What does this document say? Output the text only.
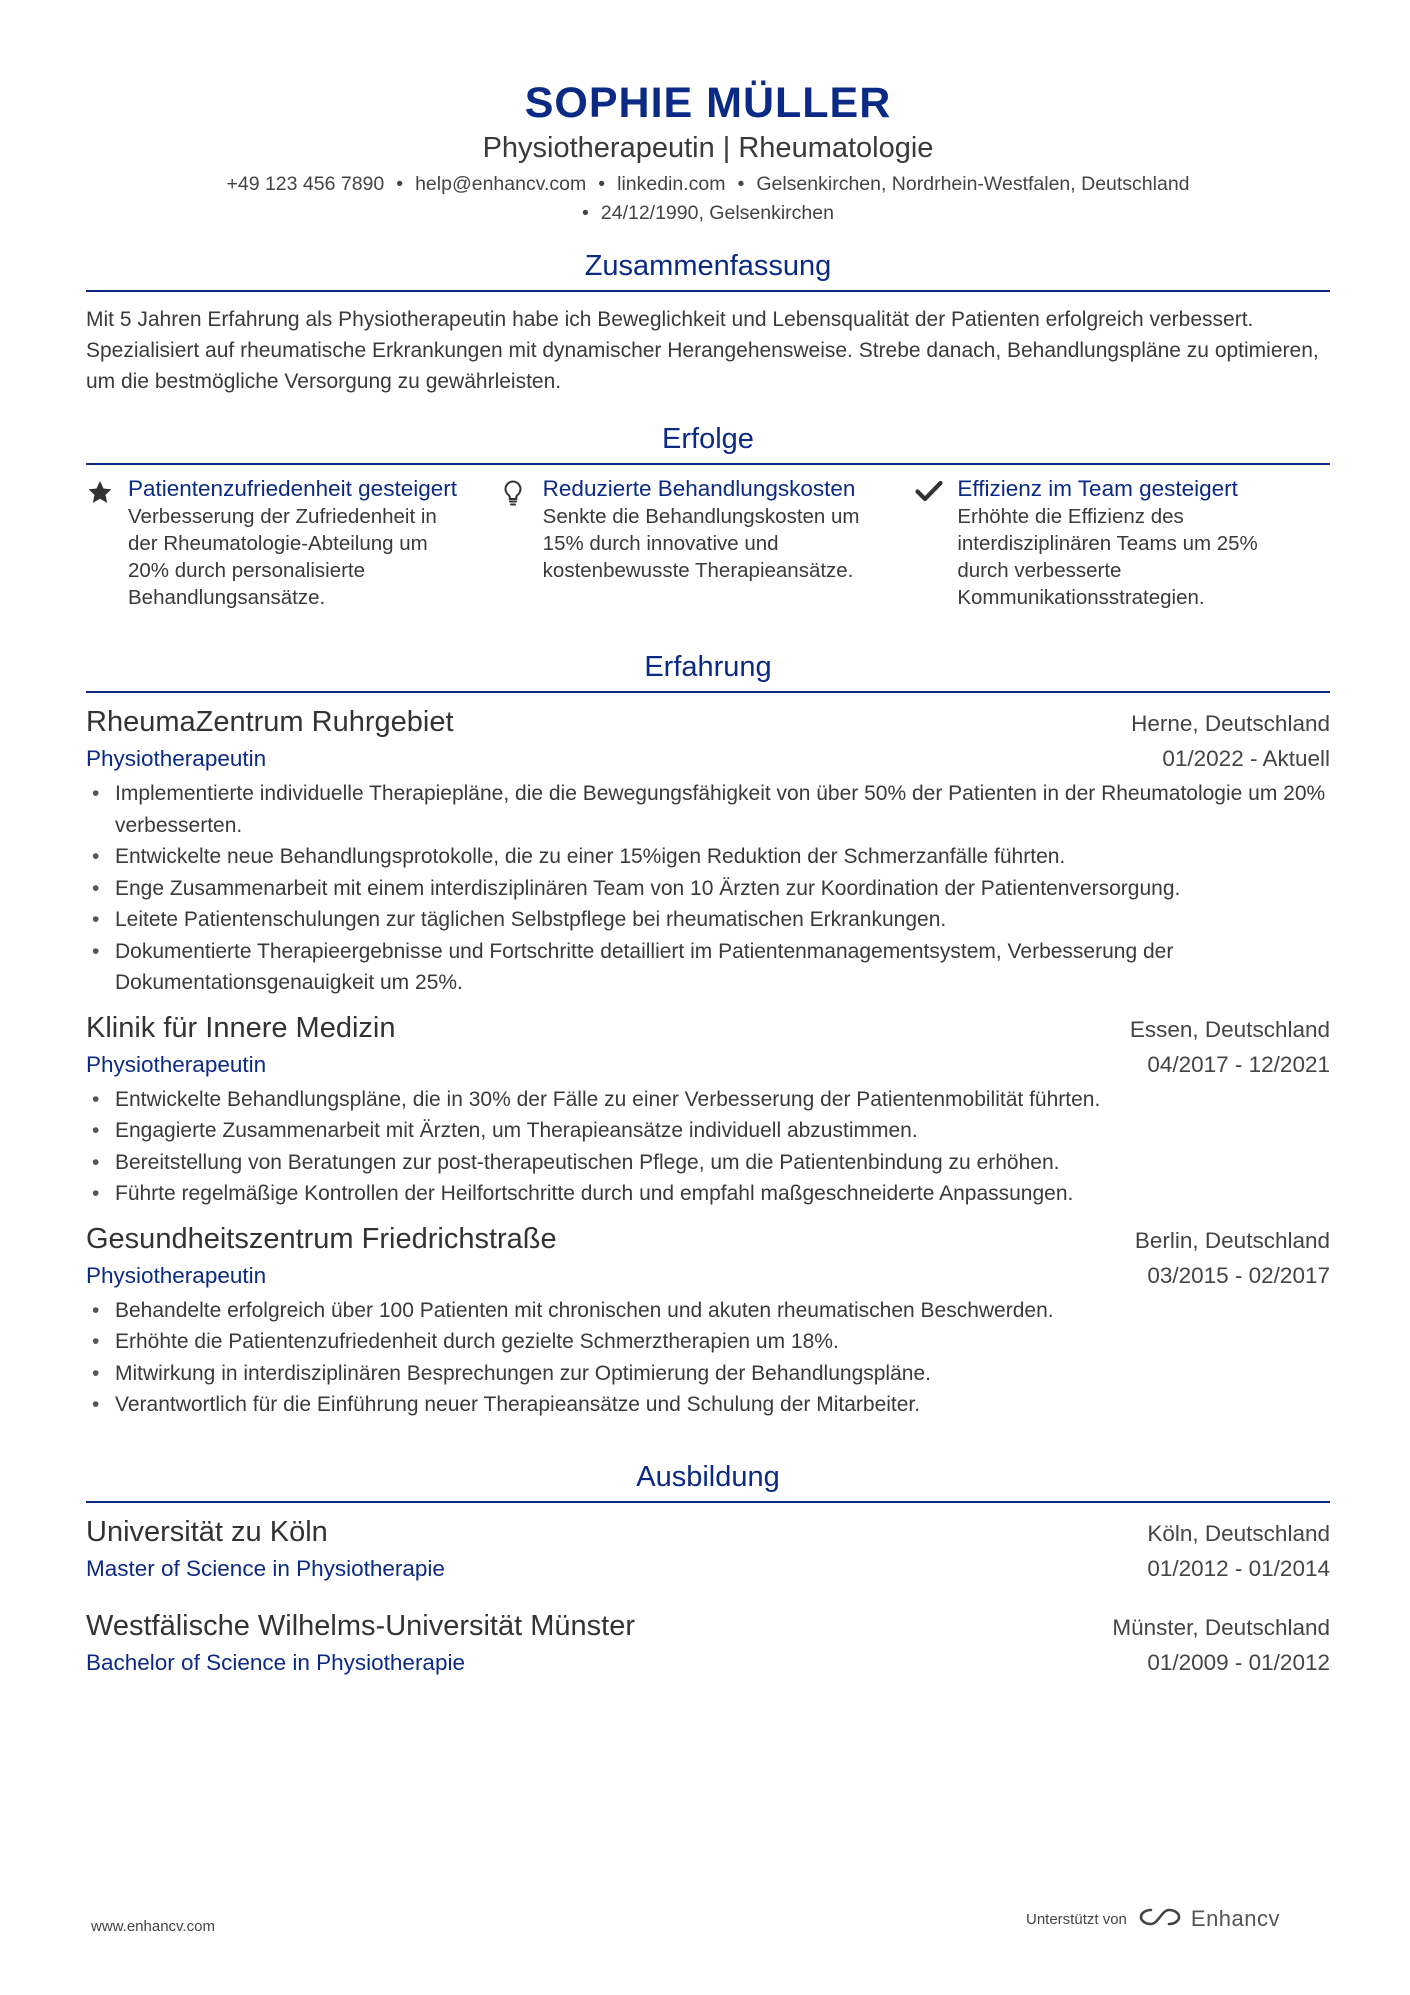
SOPHIE MÜLLER
Physiotherapeutin | Rheumatologie
+49 123 456 7890 • help@enhancv.com • linkedin.com • Gelsenkirchen, Nordrhein-Westfalen, Deutschland
• 24/12/1990, Gelsenkirchen
Zusammenfassung
Mit 5 Jahren Erfahrung als Physiotherapeutin habe ich Beweglichkeit und Lebensqualität der Patienten erfolgreich verbessert. Spezialisiert auf rheumatische Erkrankungen mit dynamischer Herangehensweise. Strebe danach, Behandlungspläne zu optimieren, um die bestmögliche Versorgung zu gewährleisten.
Erfolge
Patientenzufriedenheit gesteigert
Verbesserung der Zufriedenheit in der Rheumatologie-Abteilung um 20% durch personalisierte Behandlungsansätze.
Reduzierte Behandlungskosten
Senkte die Behandlungskosten um 15% durch innovative und kostenbewusste Therapieansätze.
Effizienz im Team gesteigert
Erhöhte die Effizienz des interdisziplinären Teams um 25% durch verbesserte Kommunikationsstrategien.
Erfahrung
RheumaZentrum Ruhrgebiet	Herne, Deutschland
Physiotherapeutin	01/2022 - Aktuell
• Implementierte individuelle Therapiepläne, die die Bewegungsfähigkeit von über 50% der Patienten in der Rheumatologie um 20% verbesserten.
• Entwickelte neue Behandlungsprotokolle, die zu einer 15%igen Reduktion der Schmerzanfälle führten.
• Enge Zusammenarbeit mit einem interdisziplinären Team von 10 Ärzten zur Koordination der Patientenversorgung.
• Leitete Patientenschulungen zur täglichen Selbstpflege bei rheumatischen Erkrankungen.
• Dokumentierte Therapieergebnisse und Fortschritte detailliert im Patientenmanagementsystem, Verbesserung der Dokumentationsgenauigkeit um 25%.
Klinik für Innere Medizin	Essen, Deutschland
Physiotherapeutin	04/2017 - 12/2021
• Entwickelte Behandlungspläne, die in 30% der Fälle zu einer Verbesserung der Patientenmobilität führten.
• Engagierte Zusammenarbeit mit Ärzten, um Therapieansätze individuell abzustimmen.
• Bereitstellung von Beratungen zur post-therapeutischen Pflege, um die Patientenbindung zu erhöhen.
• Führte regelmäßige Kontrollen der Heilfortschritte durch und empfahl maßgeschneiderte Anpassungen.
Gesundheitszentrum Friedrichstraße	Berlin, Deutschland
Physiotherapeutin	03/2015 - 02/2017
• Behandelte erfolgreich über 100 Patienten mit chronischen und akuten rheumatischen Beschwerden.
• Erhöhte die Patientenzufriedenheit durch gezielte Schmerztherapien um 18%.
• Mitwirkung in interdisziplinären Besprechungen zur Optimierung der Behandlungspläne.
• Verantwortlich für die Einführung neuer Therapieansätze und Schulung der Mitarbeiter.
Ausbildung
Universität zu Köln	Köln, Deutschland
Master of Science in Physiotherapie	01/2012 - 01/2014
Westfälische Wilhelms-Universität Münster	Münster, Deutschland
Bachelor of Science in Physiotherapie	01/2009 - 01/2012
www.enhancv.com	Unterstützt von	Enhancv
